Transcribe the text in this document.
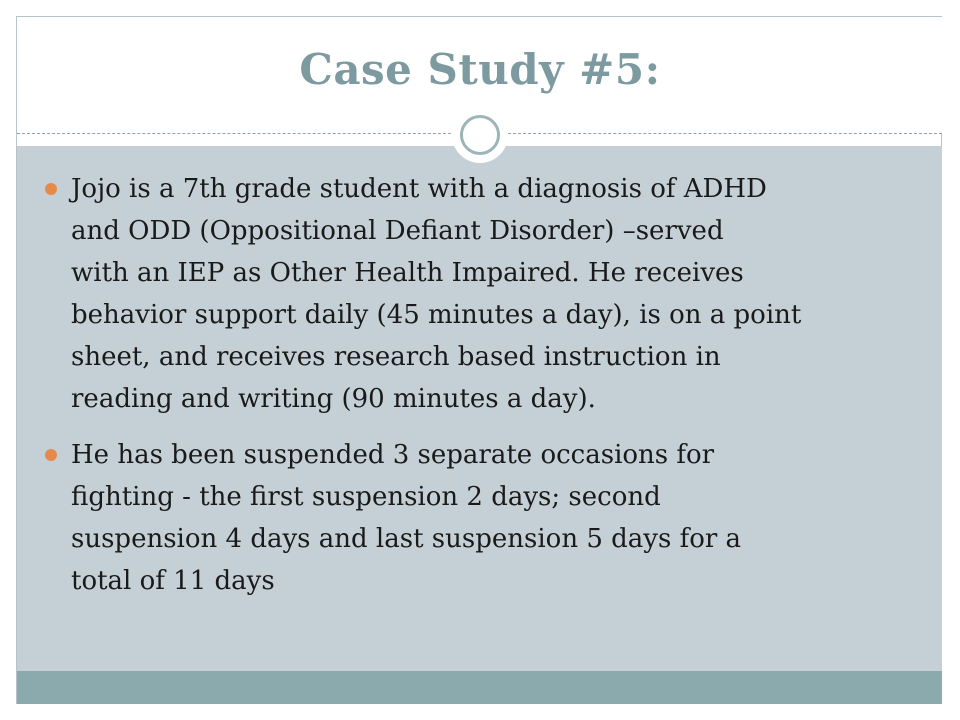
Case Study #5:
Jojo is a 7th grade student with a diagnosis of ADHD
and ODD (Oppositional Defiant Disorder) –served
with an IEP as Other Health Impaired. He receives
behavior support daily (45 minutes a day), is on a point
sheet, and receives research based instruction in
reading and writing (90 minutes a day).
He has been suspended 3 separate occasions for
fighting - the first suspension 2 days; second
suspension 4 days and last suspension 5 days for a
total of 11 days
